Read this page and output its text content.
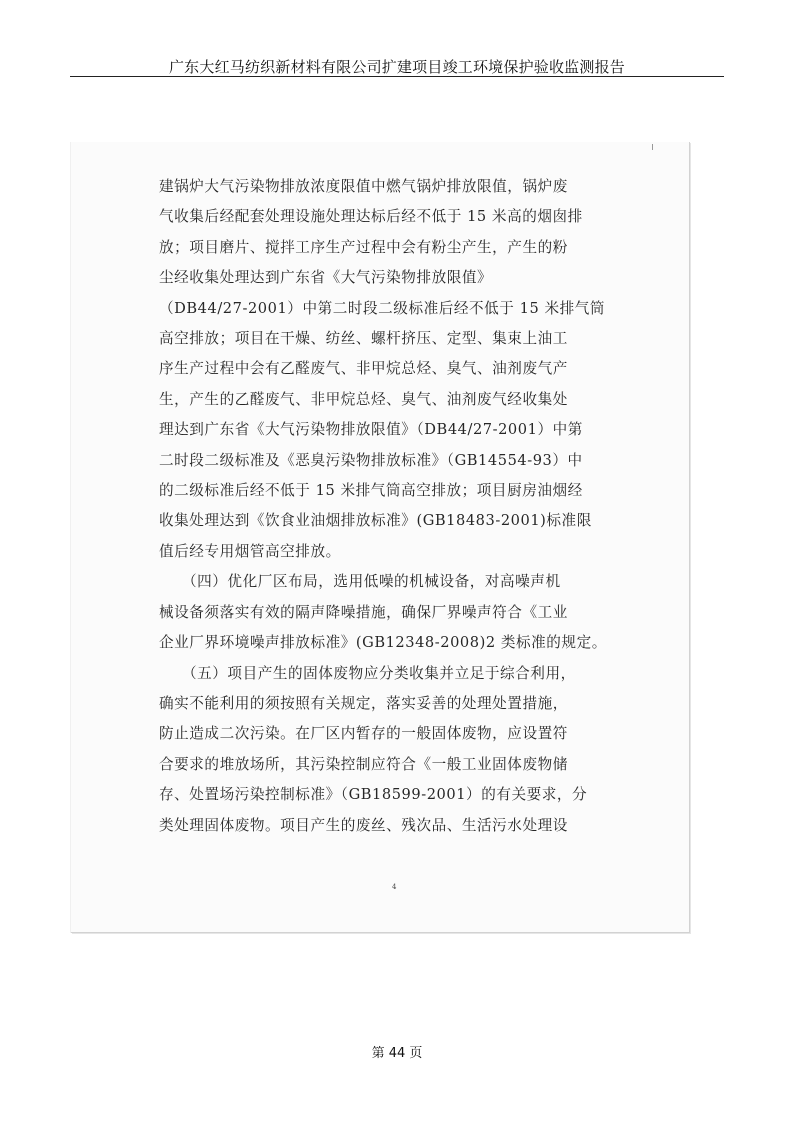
广东大红马纺织新材料有限公司扩建项目竣工环境保护验收监测报告
建锅炉大气污染物排放浓度限值中燃气锅炉排放限值，锅炉废
气收集后经配套处理设施处理达标后经不低于 15 米高的烟囱排
放；项目磨片、搅拌工序生产过程中会有粉尘产生，产生的粉
尘经收集处理达到广东省《大气污染物排放限值》
（DB44/27-2001）中第二时段二级标准后经不低于 15 米排气筒
高空排放；项目在干燥、纺丝、螺杆挤压、定型、集束上油工
序生产过程中会有乙醛废气、非甲烷总烃、臭气、油剂废气产
生，产生的乙醛废气、非甲烷总烃、臭气、油剂废气经收集处
理达到广东省《大气污染物排放限值》（DB44/27-2001）中第
二时段二级标准及《恶臭污染物排放标准》（GB14554-93）中
的二级标准后经不低于 15 米排气筒高空排放；项目厨房油烟经
收集处理达到《饮食业油烟排放标准》(GB18483-2001)标准限
值后经专用烟管高空排放。
　　（四）优化厂区布局，选用低噪的机械设备，对高噪声机
械设备须落实有效的隔声降噪措施，确保厂界噪声符合《工业
企业厂界环境噪声排放标准》(GB12348-2008)2 类标准的规定。
　　（五）项目产生的固体废物应分类收集并立足于综合利用，
确实不能利用的须按照有关规定，落实妥善的处理处置措施，
防止造成二次污染。在厂区内暂存的一般固体废物，应设置符
合要求的堆放场所，其污染控制应符合《一般工业固体废物储
存、处置场污染控制标准》（GB18599-2001）的有关要求，分
类处理固体废物。项目产生的废丝、残次品、生活污水处理设
4
第 44 页
